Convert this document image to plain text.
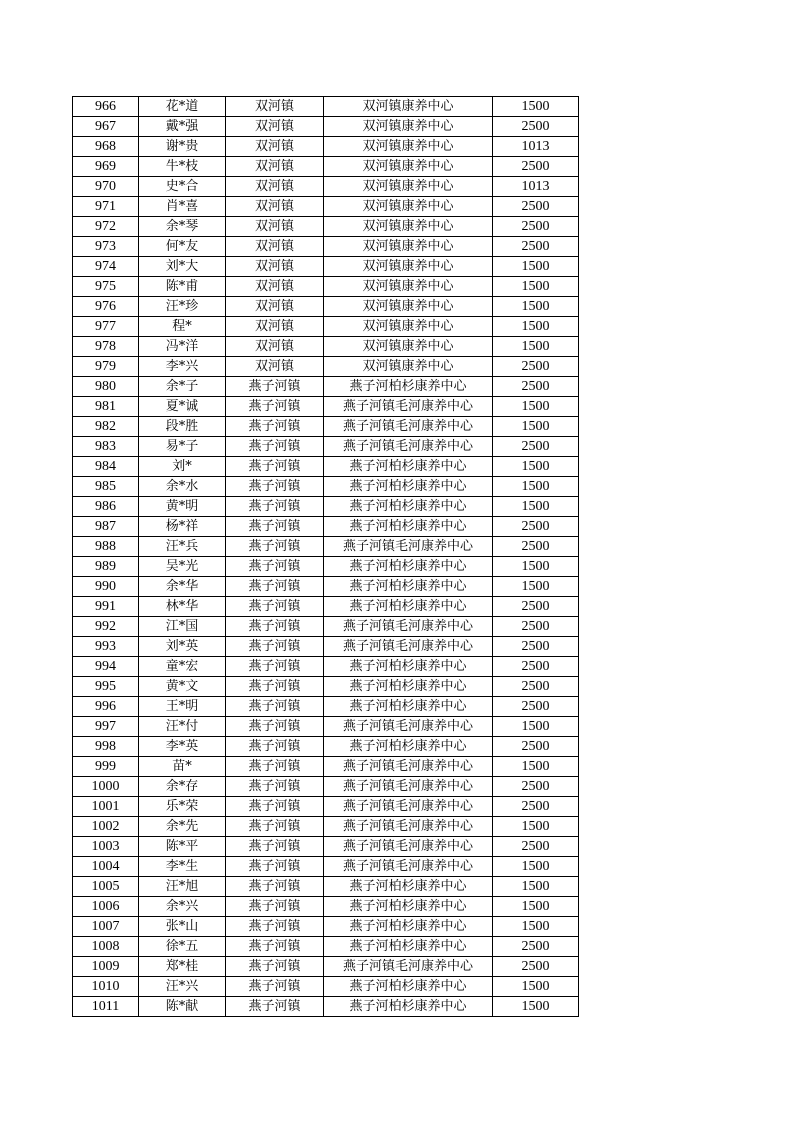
966	花*道	双河镇	双河镇康养中心	1500
967	戴*强	双河镇	双河镇康养中心	2500
968	谢*贵	双河镇	双河镇康养中心	1013
969	牛*枝	双河镇	双河镇康养中心	2500
970	史*合	双河镇	双河镇康养中心	1013
971	肖*喜	双河镇	双河镇康养中心	2500
972	余*琴	双河镇	双河镇康养中心	2500
973	何*友	双河镇	双河镇康养中心	2500
974	刘*大	双河镇	双河镇康养中心	1500
975	陈*甫	双河镇	双河镇康养中心	1500
976	汪*珍	双河镇	双河镇康养中心	1500
977	程*	双河镇	双河镇康养中心	1500
978	冯*洋	双河镇	双河镇康养中心	1500
979	李*兴	双河镇	双河镇康养中心	2500
980	余*子	燕子河镇	燕子河柏杉康养中心	2500
981	夏*诚	燕子河镇	燕子河镇毛河康养中心	1500
982	段*胜	燕子河镇	燕子河镇毛河康养中心	1500
983	易*子	燕子河镇	燕子河镇毛河康养中心	2500
984	刘*	燕子河镇	燕子河柏杉康养中心	1500
985	余*水	燕子河镇	燕子河柏杉康养中心	1500
986	黄*明	燕子河镇	燕子河柏杉康养中心	1500
987	杨*祥	燕子河镇	燕子河柏杉康养中心	2500
988	汪*兵	燕子河镇	燕子河镇毛河康养中心	2500
989	吴*光	燕子河镇	燕子河柏杉康养中心	1500
990	余*华	燕子河镇	燕子河柏杉康养中心	1500
991	林*华	燕子河镇	燕子河柏杉康养中心	2500
992	江*国	燕子河镇	燕子河镇毛河康养中心	2500
993	刘*英	燕子河镇	燕子河镇毛河康养中心	2500
994	童*宏	燕子河镇	燕子河柏杉康养中心	2500
995	黄*文	燕子河镇	燕子河柏杉康养中心	2500
996	王*明	燕子河镇	燕子河柏杉康养中心	2500
997	汪*付	燕子河镇	燕子河镇毛河康养中心	1500
998	李*英	燕子河镇	燕子河柏杉康养中心	2500
999	苗*	燕子河镇	燕子河镇毛河康养中心	1500
1000	余*存	燕子河镇	燕子河镇毛河康养中心	2500
1001	乐*荣	燕子河镇	燕子河镇毛河康养中心	2500
1002	余*先	燕子河镇	燕子河镇毛河康养中心	1500
1003	陈*平	燕子河镇	燕子河镇毛河康养中心	2500
1004	李*生	燕子河镇	燕子河镇毛河康养中心	1500
1005	汪*旭	燕子河镇	燕子河柏杉康养中心	1500
1006	余*兴	燕子河镇	燕子河柏杉康养中心	1500
1007	张*山	燕子河镇	燕子河柏杉康养中心	1500
1008	徐*五	燕子河镇	燕子河柏杉康养中心	2500
1009	郑*桂	燕子河镇	燕子河镇毛河康养中心	2500
1010	汪*兴	燕子河镇	燕子河柏杉康养中心	1500
1011	陈*献	燕子河镇	燕子河柏杉康养中心	1500
